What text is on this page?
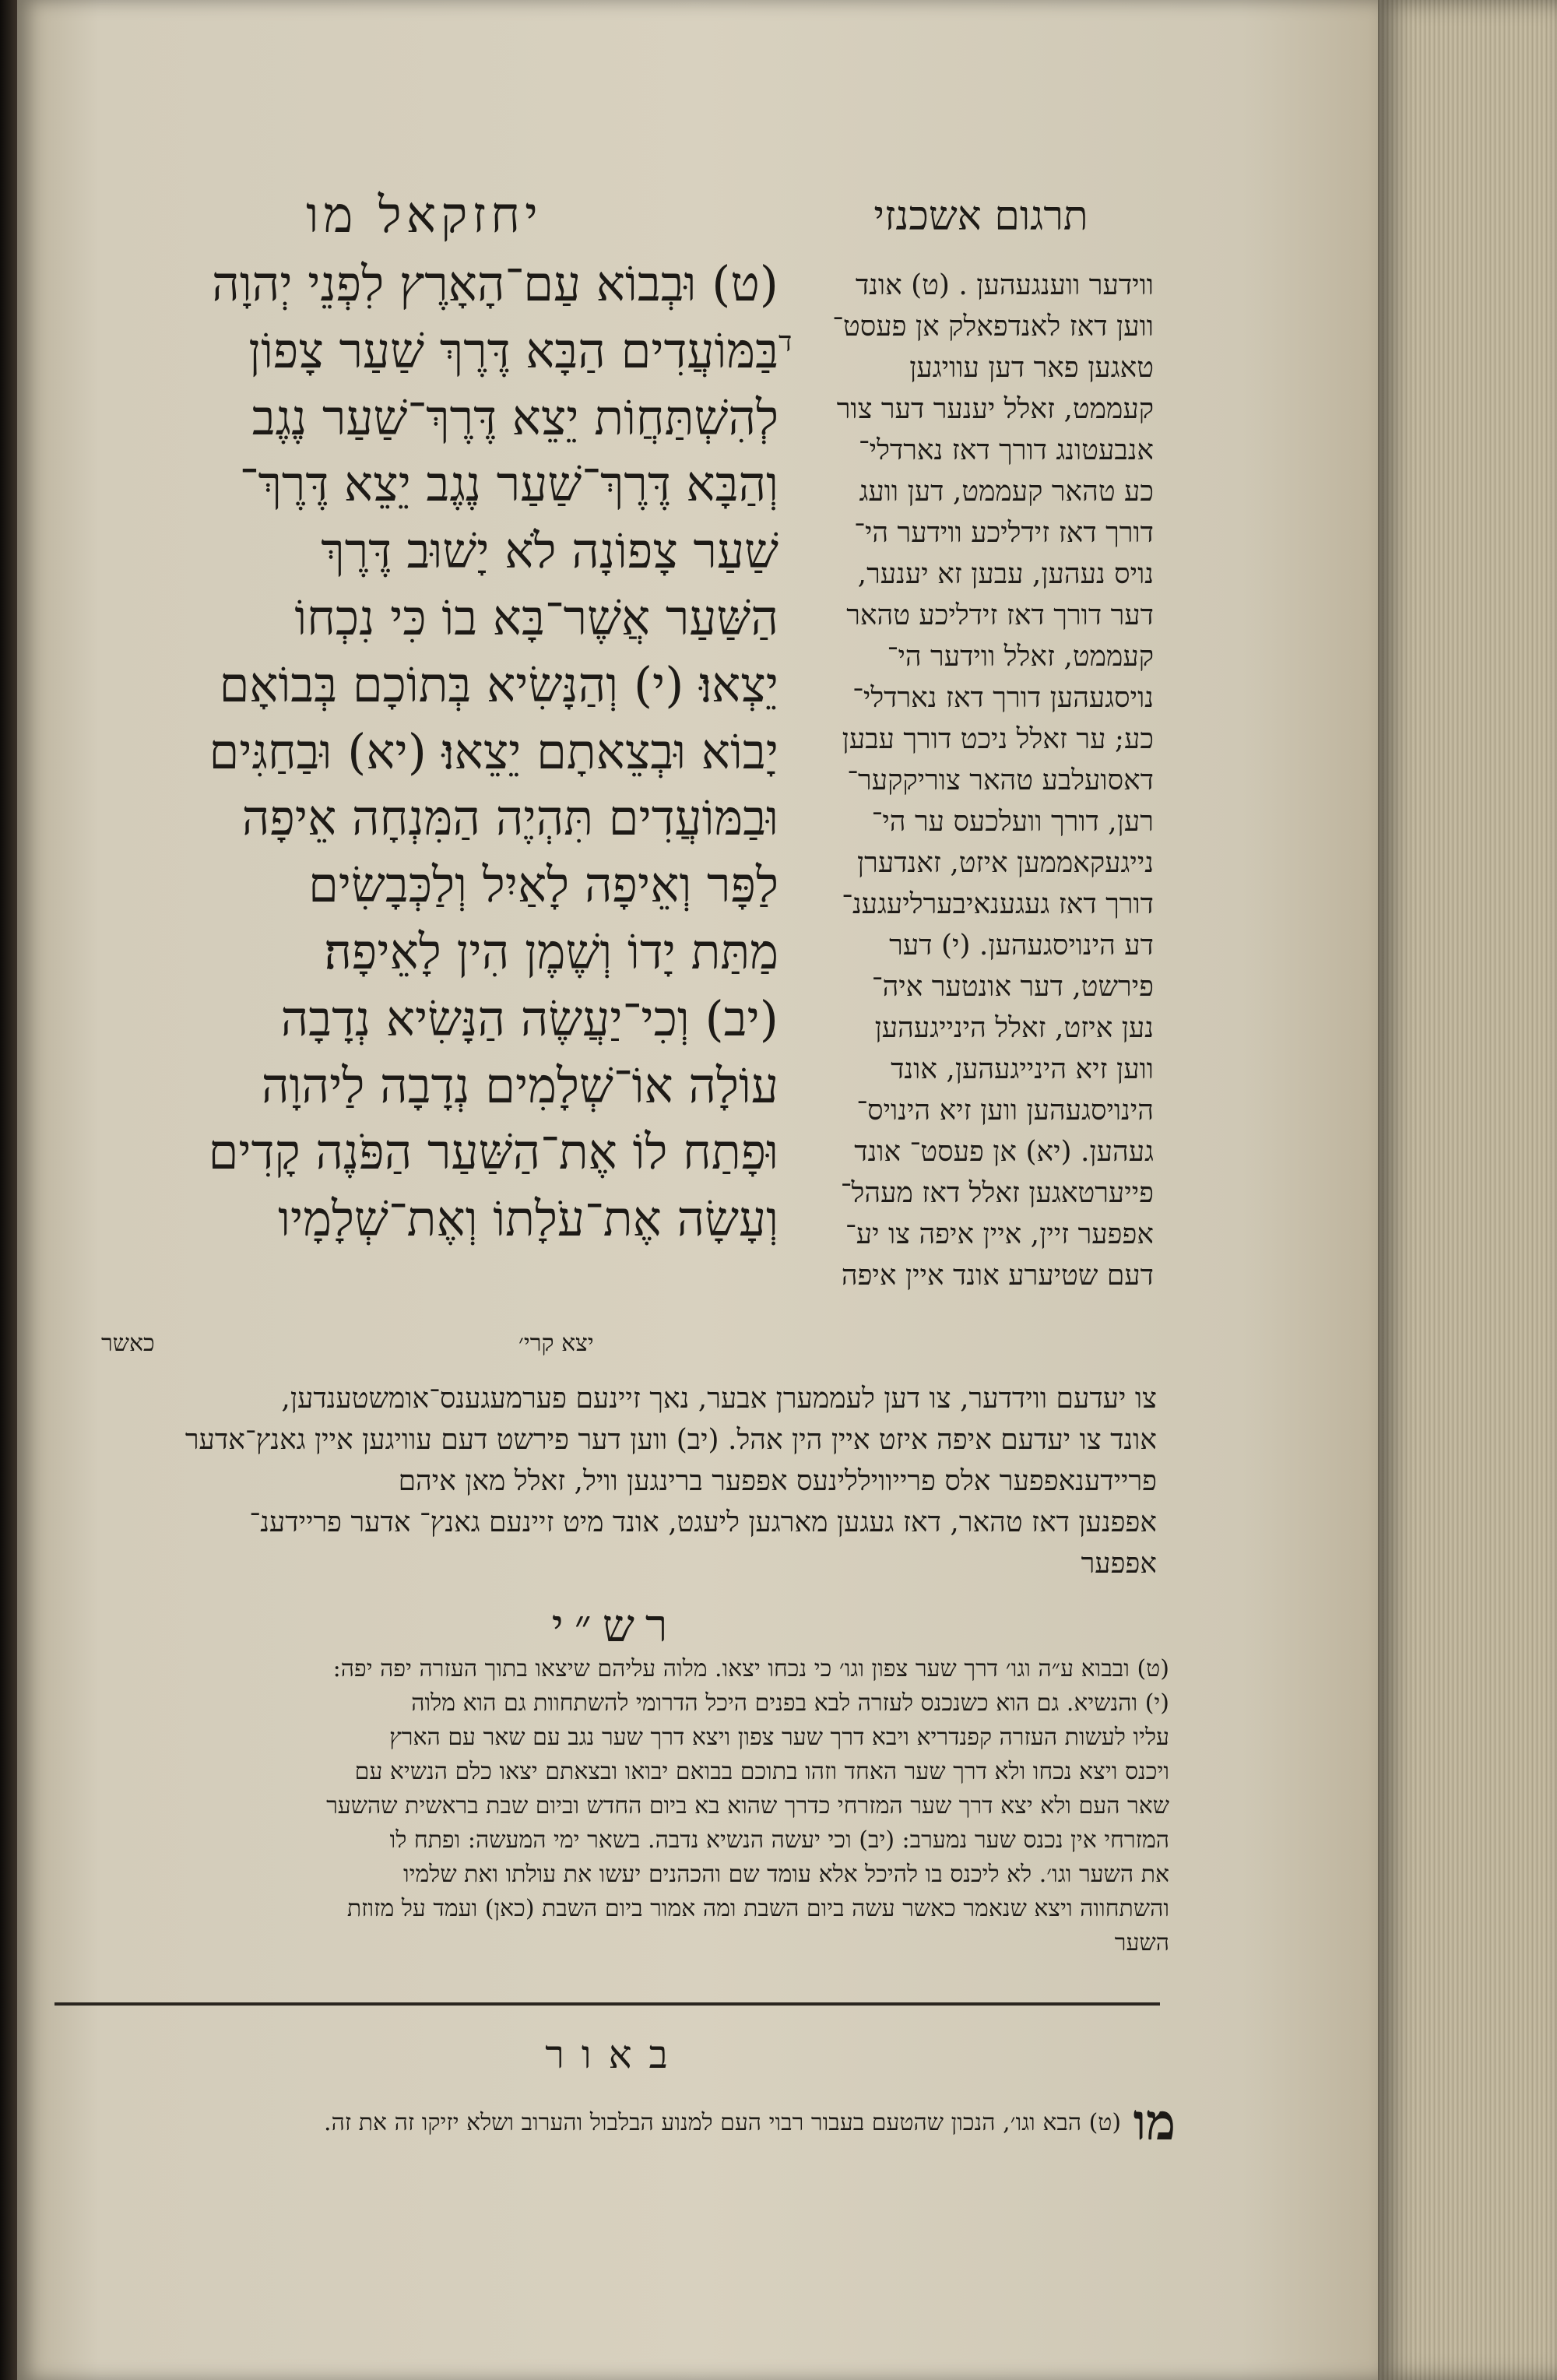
יחזקאל מו	תרגום אשכנזי
(ט) וּבְבוֹא עַם־הָאָרֶץ לִפְנֵי יְהוָה
בַּמּוֹעֲדִים הַבָּא דֶּרֶךְ שַׁעַר צָפוֹן
לְהִשְׁתַּחֲוֹת יֵצֵא דֶּרֶךְ־שַׁעַר נֶגֶב
וְהַבָּא דֶּרֶךְ־שַׁעַר נֶגֶב יֵצֵא דֶּרֶךְ־
שַׁעַר צָפוֹנָה לֹא יָשׁוּב דֶּרֶךְ
הַשַּׁעַר אֲשֶׁר־בָּא בוֹ כִּי נִכְחוֹ
יֵצְאוּ׃ (י) וְהַנָּשִׂיא בְּתוֹכָם בְּבוֹאָם
יָבוֹא וּבְצֵאתָם יֵצֵאוּ׃ (יא) וּבַחַגִּים
וּבַמּוֹעֲדִים תִּהְיֶה הַמִּנְחָה אֵיפָה
לַפָּר וְאֵיפָה לָאַיִל וְלַכְּבָשִׂים
מַתַּת יָדוֹ וְשֶׁמֶן הִין לָאֵיפָה׃
(יב) וְכִי־יַעֲשֶׂה הַנָּשִׂיא נְדָבָה
עוֹלָה אוֹ־שְׁלָמִים נְדָבָה לַיהוָה
וּפָתַח לוֹ אֶת־הַשַּׁעַר הַפֹּנֶה קָדִים
וְעָשָׂה אֶת־עֹלָתוֹ וְאֶת־שְׁלָמָיו
ד
ווידער ווענגעהען . (ט) אונד
ווען דאז לאנדפאלק אן פעסט־
טאגען פאר דען עוויגען
קעממט, זאלל יענער דער צור
אנבעטונג דורך דאז נארדלי־
כע טהאר קעממט, דען וועג
דורך דאז זידליכע ווידער הי־
נויס נעהען, עבען זא יענער,
דער דורך דאז זידליכע טהאר
קעממט, זאלל ווידער הי־
נויסגעהען דורך דאז נארדלי־
כע; ער זאלל ניכט דורך עבען
דאסועלבע טהאר צוריקקער־
רען, דורך וועלכעס ער הי־
נייגעקאממען איזט, זאנדערן
דורך דאז געגענאיבערליעגענ־
דע הינויסגעהען. (י) דער
פירשט, דער אונטער איה־
נען איזט, זאלל הינייגעהען
ווען זיא הינייגעהען, אונד
הינויסגעהען ווען זיא הינויס־
געהען. (יא) אן פעסט־ אונד
פייערטאגען זאלל דאז מעהל־
אפפער זיין, איין איפה צו יע־
דעם שטיערע אונד איין איפה
יצא קרי׳
כאשר
צו יעדעם ווידדער, צו דען לעממערן אבער, נאך זיינעם פערמעגענס־אומשטענדען,
אונד צו יעדעם איפה איזט איין הין אהל. (יב) ווען דער פירשט דעם עוויגען איין גאנץ־אדער
פריידענאפפער אלס פרייוויללינעס אפפער ברינגען וויל, זאלל מאן איהם
אפפנען דאז טהאר, דאז געגען מארגען ליעגט, אונד מיט זיינעם גאנץ־ אדער פריידענ־
אפפער
רש״י
(ט) ובבוא ע״ה וגו׳ דרך שער צפון וגו׳ כי נכחו יצאו. מלוה עליהם שיצאו בתוך העזרה יפה יפה:
(י) והנשיא. גם הוא כשנכנס לעזרה לבא בפנים היכל הדרומי להשתחוות גם הוא מלוה
עליו לעשות העזרה קפנדריא ויבא דרך שער צפון ויצא דרך שער נגב עם שאר עם הארץ
ויכנס ויצא נכחו ולא דרך שער האחד וזהו בתוכם בבואם יבואו ובצאתם יצאו כלם הנשיא עם
שאר העם ולא יצא דרך שער המזרחי כדרך שהוא בא ביום החדש וביום שבת בראשית שהשער
המזרחי אין נכנס שער נמערב: (יב) וכי יעשה הנשיא נדבה. בשאר ימי המעשה: ופתח לו
את השער וגו׳. לא ליכנס בו להיכל אלא עומד שם והכהנים יעשו את עולתו ואת שלמיו
והשתחווה ויצא שנאמר כאשר עשה ביום השבת ומה אמור ביום השבת (כאן) ועמד על מזוזת
השער
באור
מו (ט) הבא וגו׳, הנכון שהטעם בעבור רבוי העם למנוע הבלבול והערוב ושלא יזיקו זה את זה.
